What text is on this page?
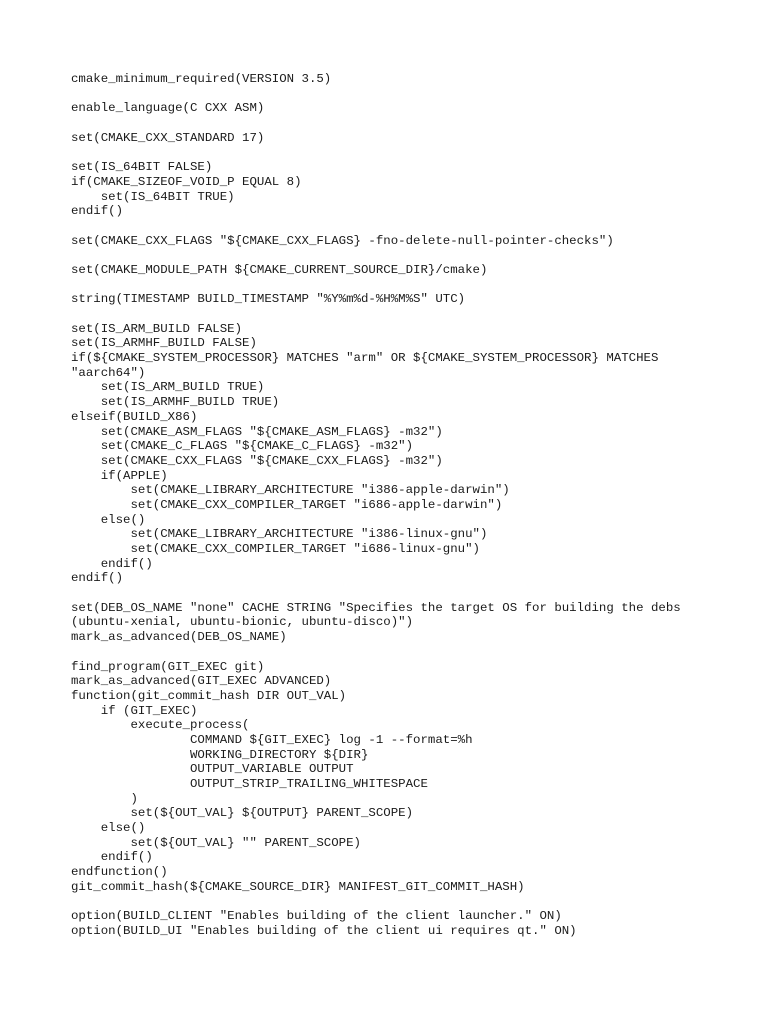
cmake_minimum_required(VERSION 3.5)
enable_language(C CXX ASM)
set(CMAKE_CXX_STANDARD 17)
set(IS_64BIT FALSE)
if(CMAKE_SIZEOF_VOID_P EQUAL 8)
set(IS_64BIT TRUE)
endif()
set(CMAKE_CXX_FLAGS "${CMAKE_CXX_FLAGS} -fno-delete-null-pointer-checks")
set(CMAKE_MODULE_PATH ${CMAKE_CURRENT_SOURCE_DIR}/cmake)
string(TIMESTAMP BUILD_TIMESTAMP "%Y%m%d-%H%M%S" UTC)
set(IS_ARM_BUILD FALSE)
set(IS_ARMHF_BUILD FALSE)
if(${CMAKE_SYSTEM_PROCESSOR} MATCHES "arm" OR ${CMAKE_SYSTEM_PROCESSOR} MATCHES
"aarch64")
set(IS_ARM_BUILD TRUE)
set(IS_ARMHF_BUILD TRUE)
elseif(BUILD_X86)
set(CMAKE_ASM_FLAGS "${CMAKE_ASM_FLAGS} -m32")
set(CMAKE_C_FLAGS "${CMAKE_C_FLAGS} -m32")
set(CMAKE_CXX_FLAGS "${CMAKE_CXX_FLAGS} -m32")
if(APPLE)
set(CMAKE_LIBRARY_ARCHITECTURE "i386-apple-darwin")
set(CMAKE_CXX_COMPILER_TARGET "i686-apple-darwin")
else()
set(CMAKE_LIBRARY_ARCHITECTURE "i386-linux-gnu")
set(CMAKE_CXX_COMPILER_TARGET "i686-linux-gnu")
endif()
endif()
set(DEB_OS_NAME "none" CACHE STRING "Specifies the target OS for building the debs
(ubuntu-xenial, ubuntu-bionic, ubuntu-disco)")
mark_as_advanced(DEB_OS_NAME)
find_program(GIT_EXEC git)
mark_as_advanced(GIT_EXEC ADVANCED)
function(git_commit_hash DIR OUT_VAL)
if (GIT_EXEC)
execute_process(
COMMAND ${GIT_EXEC} log -1 --format=%h
WORKING_DIRECTORY ${DIR}
OUTPUT_VARIABLE OUTPUT
OUTPUT_STRIP_TRAILING_WHITESPACE
)
set(${OUT_VAL} ${OUTPUT} PARENT_SCOPE)
else()
set(${OUT_VAL} "" PARENT_SCOPE)
endif()
endfunction()
git_commit_hash(${CMAKE_SOURCE_DIR} MANIFEST_GIT_COMMIT_HASH)
option(BUILD_CLIENT "Enables building of the client launcher." ON)
option(BUILD_UI "Enables building of the client ui requires qt." ON)
